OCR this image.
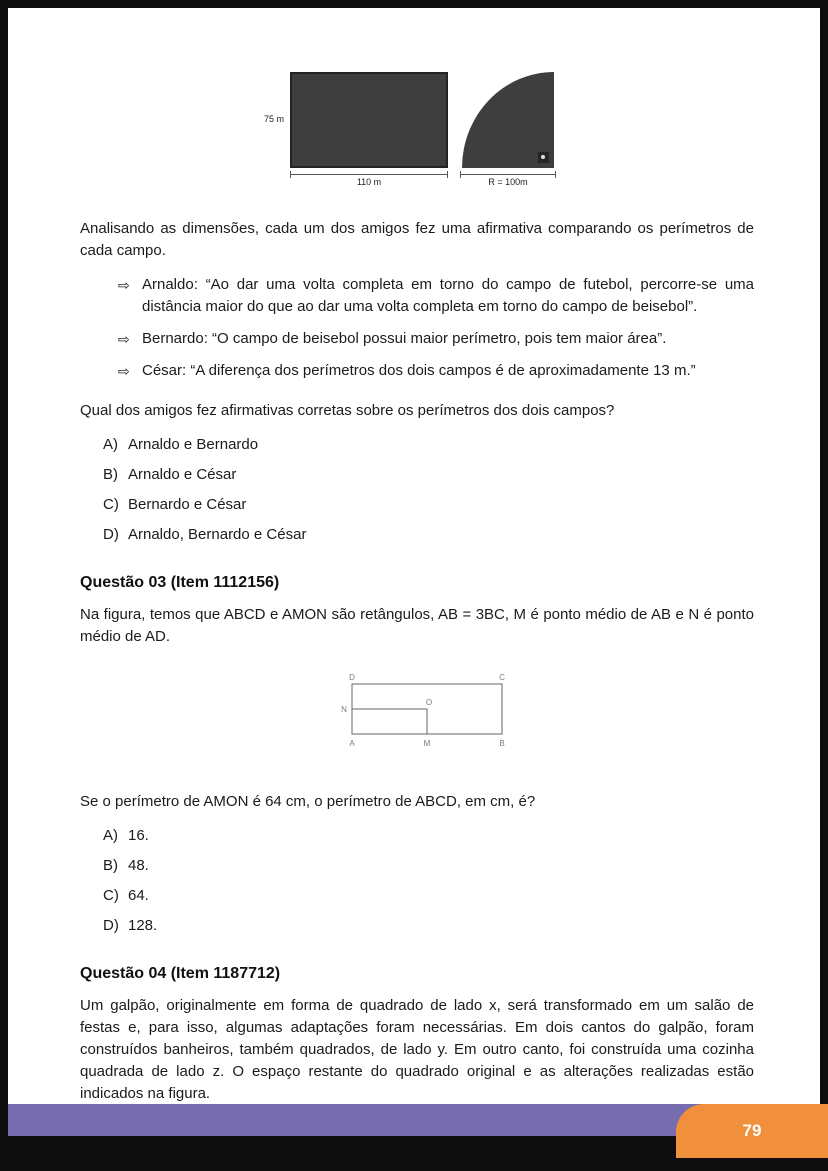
75 m
110 m	R = 100m

Analisando as dimensões, cada um dos amigos fez uma afirmativa comparando os perímetros de cada campo.

⇨ Arnaldo: “Ao dar uma volta completa em torno do campo de futebol, percorre-se uma distância maior do que ao dar uma volta completa em torno do campo de beisebol”.

⇨ Bernardo: “O campo de beisebol possui maior perímetro, pois tem maior área”.

⇨ César: “A diferença dos perímetros dos dois campos é de aproximadamente 13 m.”

Qual dos amigos fez afirmativas corretas sobre os perímetros dos dois campos?

A) Arnaldo e Bernardo
B) Arnaldo e César
C) Bernardo e César
D) Arnaldo, Bernardo e César
Questão 03 (Item 1112156)

Na figura, temos que ABCD e AMON são retângulos, AB = 3BC, M é ponto médio de AB e N é ponto médio de AD.

D	C
N
O
A	M	B

Se o perímetro de AMON é 64 cm, o perímetro de ABCD, em cm, é?

A) 16.
B) 48.
C) 64.
D) 128.
Questão 04 (Item 1187712)

Um galpão, originalmente em forma de quadrado de lado x, será transformado em um salão de festas e, para isso, algumas adaptações foram necessárias. Em dois cantos do galpão, foram construídos banheiros, também quadrados, de lado y. Em outro canto, foi construída uma cozinha quadrada de lado z. O espaço restante do quadrado original e as alterações realizadas estão indicados na figura.

79
